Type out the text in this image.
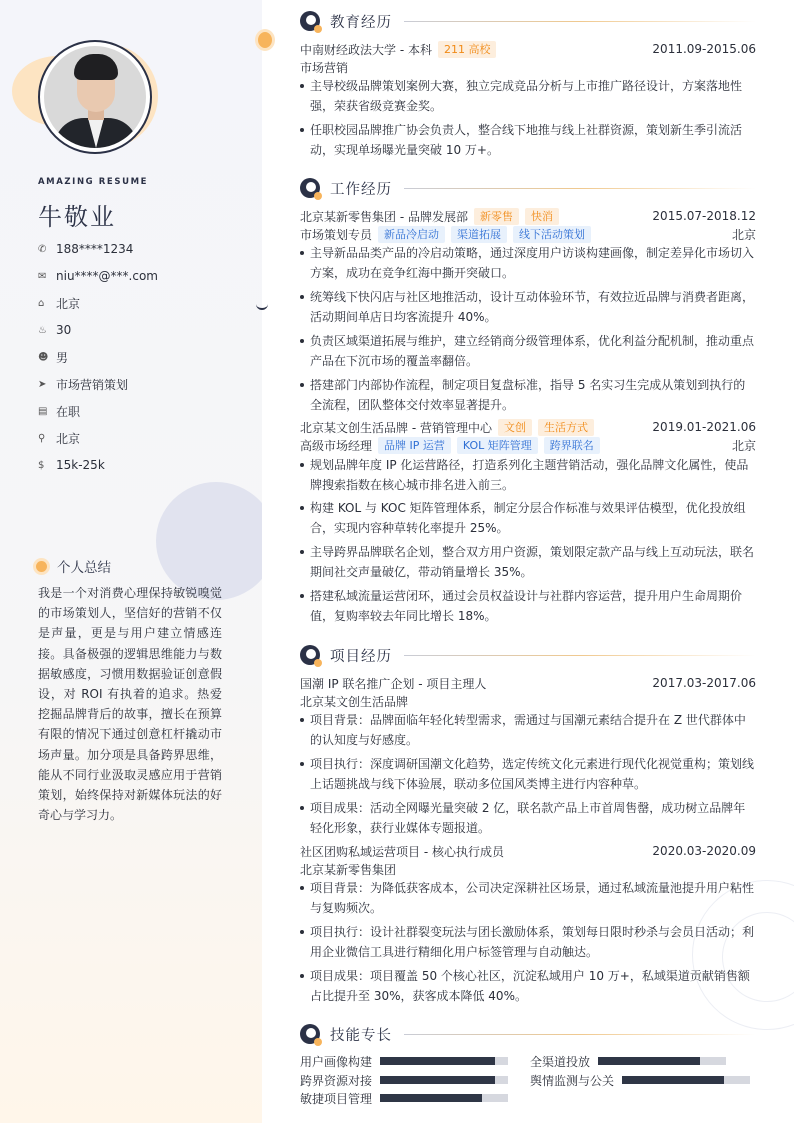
AMAZING RESUME
牛敬业
✆ 188****1234
✉ niu****@***.com
⌂ 北京
♨ 30
☻ 男
➤ 市场营销策划
▤ 在职
⚲ 北京
$ 15k-25k
个人总结
我是一个对消费心理保持敏锐嗅觉的市场策划人，坚信好的营销不仅是声量，更是与用户建立情感连接。具备极强的逻辑思维能力与数据敏感度，习惯用数据验证创意假设，对 ROI 有执着的追求。热爱挖掘品牌背后的故事，擅长在预算有限的情况下通过创意杠杆撬动市场声量。加分项是具备跨界思维，能从不同行业汲取灵感应用于营销策划，始终保持对新媒体玩法的好奇心与学习力。
教育经历
中南财经政法大学 - 本科	211 高校	2011.09-2015.06
市场营销
主导校级品牌策划案例大赛，独立完成竞品分析与上市推广路径设计，方案落地性强，荣获省级竞赛金奖。
任职校园品牌推广协会负责人，整合线下地推与线上社群资源，策划新生季引流活动，实现单场曝光量突破 10 万+。
工作经历
北京某新零售集团 - 品牌发展部	新零售	快消	2015.07-2018.12
市场策划专员	新品冷启动	渠道拓展	线下活动策划	北京
主导新品品类产品的冷启动策略，通过深度用户访谈构建画像，制定差异化市场切入方案，成功在竞争红海中撕开突破口。
统筹线下快闪店与社区地推活动，设计互动体验环节，有效拉近品牌与消费者距离，活动期间单店日均客流提升 40%。
负责区域渠道拓展与维护，建立经销商分级管理体系，优化利益分配机制，推动重点产品在下沉市场的覆盖率翻倍。
搭建部门内部协作流程，制定项目复盘标准，指导 5 名实习生完成从策划到执行的全流程，团队整体交付效率显著提升。
北京某文创生活品牌 - 营销管理中心	文创	生活方式	2019.01-2021.06
高级市场经理	品牌 IP 运营	KOL 矩阵管理	跨界联名	北京
规划品牌年度 IP 化运营路径，打造系列化主题营销活动，强化品牌文化属性，使品牌搜索指数在核心城市排名进入前三。
构建 KOL 与 KOC 矩阵管理体系，制定分层合作标准与效果评估模型，优化投放组合，实现内容种草转化率提升 25%。
主导跨界品牌联名企划，整合双方用户资源，策划限定款产品与线上互动玩法，联名期间社交声量破亿，带动销量增长 35%。
搭建私域流量运营闭环，通过会员权益设计与社群内容运营，提升用户生命周期价值，复购率较去年同比增长 18%。
项目经历
国潮 IP 联名推广企划 - 项目主理人	2017.03-2017.06
北京某文创生活品牌
项目背景：品牌面临年轻化转型需求，需通过与国潮元素结合提升在 Z 世代群体中的认知度与好感度。
项目执行：深度调研国潮文化趋势，选定传统文化元素进行现代化视觉重构；策划线上话题挑战与线下体验展，联动多位国风类博主进行内容种草。
项目成果：活动全网曝光量突破 2 亿，联名款产品上市首周售罄，成功树立品牌年轻化形象，获行业媒体专题报道。
社区团购私域运营项目 - 核心执行成员	2020.03-2020.09
北京某新零售集团
项目背景：为降低获客成本，公司决定深耕社区场景，通过私域流量池提升用户粘性与复购频次。
项目执行：设计社群裂变玩法与团长激励体系，策划每日限时秒杀与会员日活动；利用企业微信工具进行精细化用户标签管理与自动触达。
项目成果：项目覆盖 50 个核心社区，沉淀私域用户 10 万+，私域渠道贡献销售额占比提升至 30%，获客成本降低 40%。
技能专长
用户画像构建	全渠道投放
跨界资源对接	舆情监测与公关
敏捷项目管理
